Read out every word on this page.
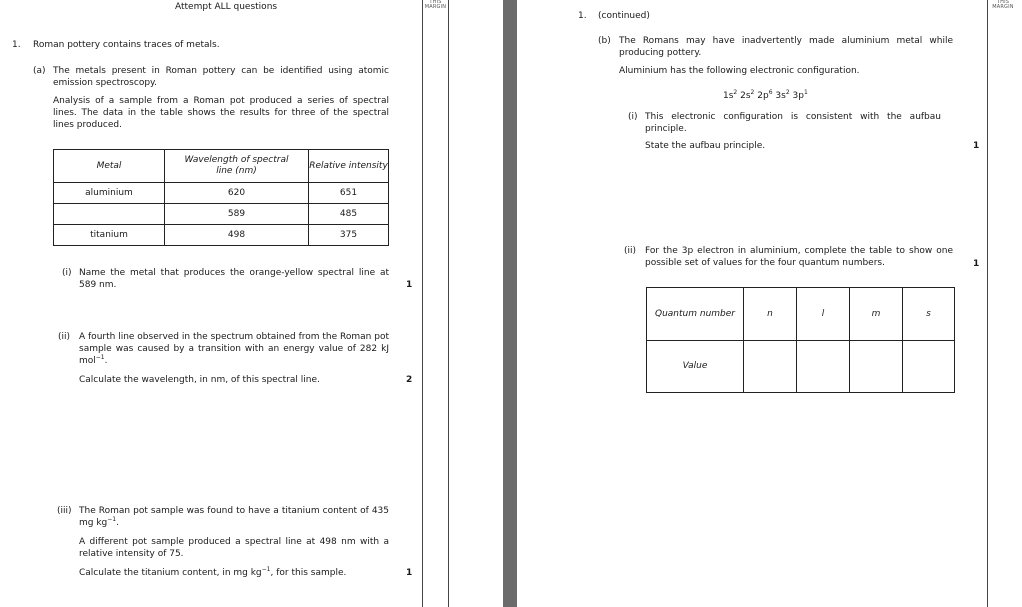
Attempt ALL questions	THIS
MARGIN
1. Roman pottery contains traces of metals.
(a) The metals present in Roman pottery can be identified using atomic emission spectroscopy.
Analysis of a sample from a Roman pot produced a series of spectral lines. The data in the table shows the results for three of the spectral lines produced.
Metal	Wavelength of spectral line (nm)	Relative intensity
aluminium	620	651
	589	485
titanium	498	375
(i) Name the metal that produces the orange-yellow spectral line at 589 nm.	1
(ii) A fourth line observed in the spectrum obtained from the Roman pot sample was caused by a transition with an energy value of 282 kJ mol$^{-1}$.
Calculate the wavelength, in nm, of this spectral line.	2
(iii) The Roman pot sample was found to have a titanium content of 435 mg $kg^{-1}$.
A different pot sample produced a spectral line at 498 nm with a relative intensity of 75.
Calculate the titanium content, in mg $kg^{-1}$, for this sample.	1
THIS
MARGIN
1. (continued)
(b) The Romans may have inadvertently made aluminium metal while producing pottery.
Aluminium has the following electronic configuration.
$1s^2$ $2s^2$ $2p^6$ $3s^2$ $3p^1$
(i) This electronic configuration is consistent with the aufbau principle.
State the aufbau principle.	1
(ii) For the 3p electron in aluminium, complete the table to show one possible set of values for the four quantum numbers.	1
Quantum number	n	l	m	s
Value				
